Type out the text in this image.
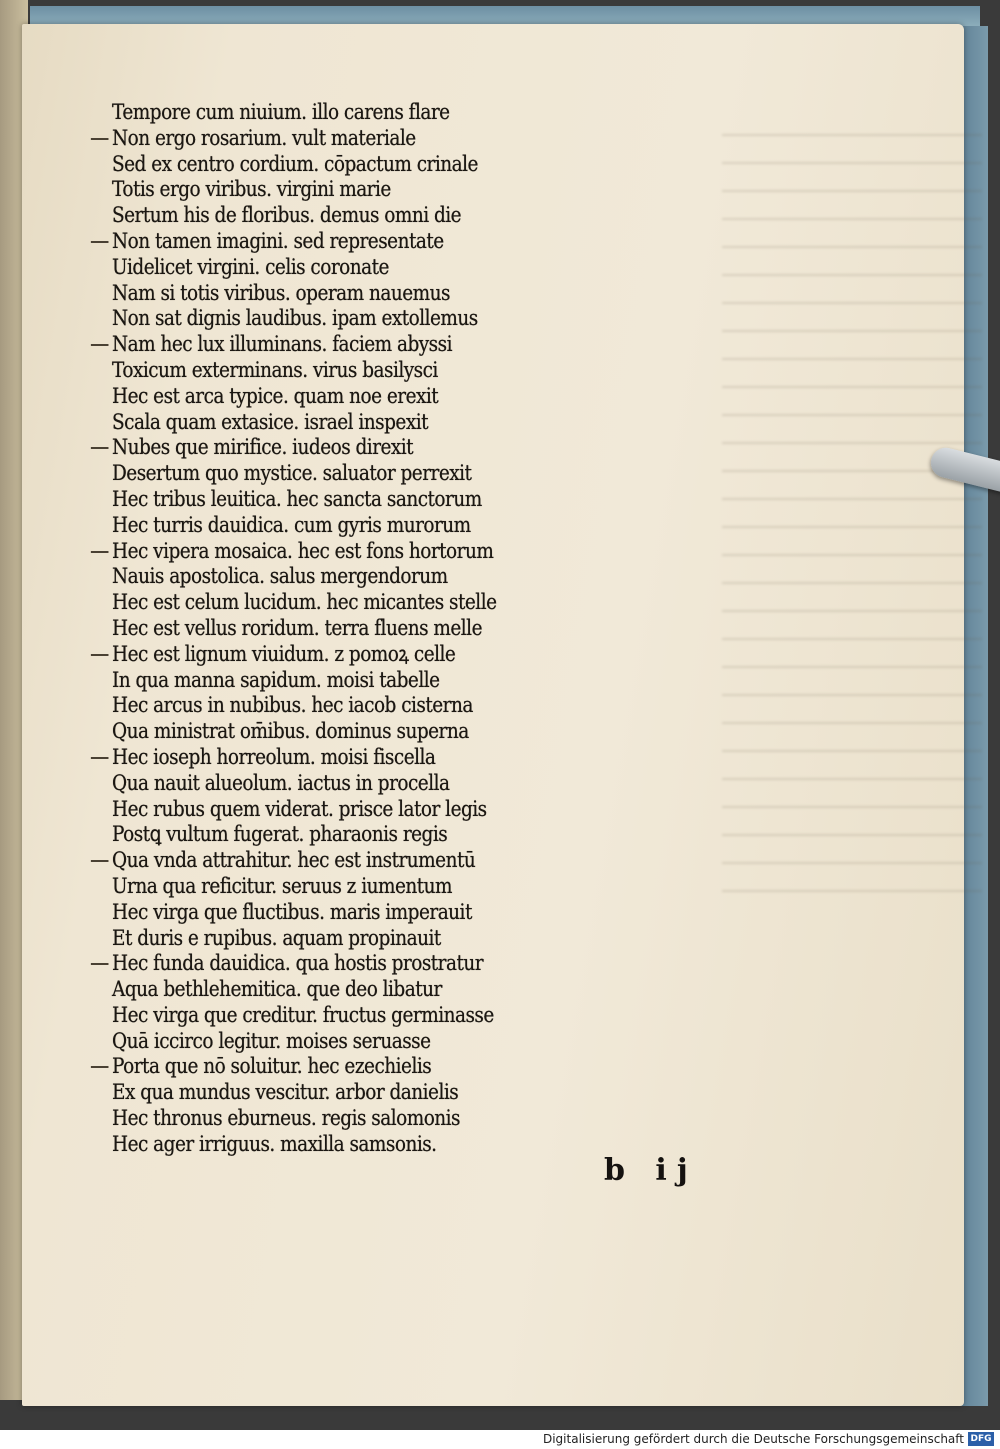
Tempore cum niuium. illo carens flare
Non ergo rosarium. vult materiale
Sed ex centro cordium. cōpactum crinale
Totis ergo viribus. virgini marie
Sertum his de floribus. demus omni die
Non tamen imagini. sed representate
Uidelicet virgini. celis coronate
Nam si totis viribus. operam nauemus
Non sat dignis laudibus. ipam extollemus
Nam hec lux illuminans. faciem abyssi
Toxicum exterminans. virus basilysci
Hec est arca typice. quam noe erexit
Scala quam extasice. israel inspexit
Nubes que mirifice. iudeos direxit
Desertum quo mystice. saluator perrexit
Hec tribus leuitica. hec sancta sanctorum
Hec turris dauidica. cum gyris murorum
Hec vipera mosaica. hec est fons hortorum
Nauis apostolica. salus mergendorum
Hec est celum lucidum. hec micantes stelle
Hec est vellus roridum. terra fluens melle
Hec est lignum viuidum. z pomoꝝ celle
In qua manna sapidum. moisi tabelle
Hec arcus in nubibus. hec iacob cisterna
Qua ministrat om̄ibus. dominus superna
Hec ioseph horreolum. moisi fiscella
Qua nauit alueolum. iactus in procella
Hec rubus quem viderat. prisce lator legis
Postꝗ vultum fugerat. pharaonis regis
Qua vnda attrahitur. hec est instrumentū
Urna qua reficitur. seruus z iumentum
Hec virga que fluctibus. maris imperauit
Et duris e rupibus. aquam propinauit
Hec funda dauidica. qua hostis prostratur
Aqua bethlehemitica. que deo libatur
Hec virga que creditur. fructus germinasse
Quā iccirco legitur. moises seruasse
Porta que nō soluitur. hec ezechielis
Ex qua mundus vescitur. arbor danielis
Hec thronus eburneus. regis salomonis
Hec ager irriguus. maxilla samsonis.
b ij
Digitalisierung gefördert durch die Deutsche Forschungsgemeinschaft DFG
